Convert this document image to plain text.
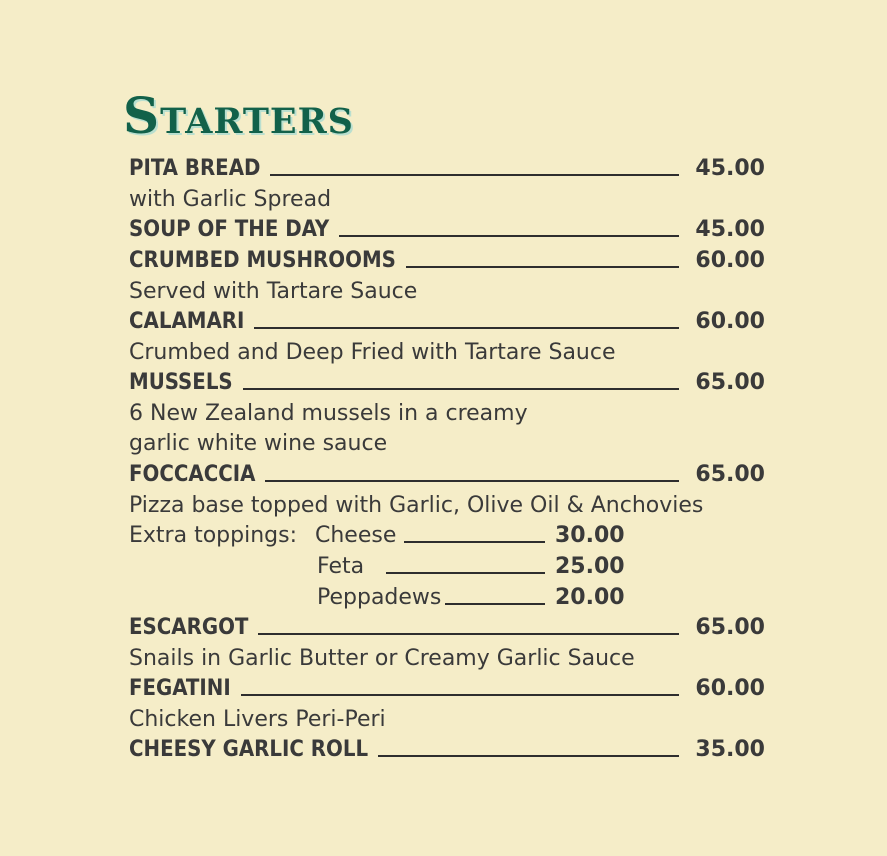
Starters
PITA BREAD	45.00
with Garlic Spread
SOUP OF THE DAY	45.00
CRUMBED MUSHROOMS	60.00
Served with Tartare Sauce
CALAMARI	60.00
Crumbed and Deep Fried with Tartare Sauce
MUSSELS	65.00
6 New Zealand mussels in a creamy
garlic white wine sauce
FOCCACCIA	65.00
Pizza base topped with Garlic, Olive Oil & Anchovies
Extra toppings: Cheese	30.00
Feta	25.00
Peppadews	20.00
ESCARGOT	65.00
Snails in Garlic Butter or Creamy Garlic Sauce
FEGATINI	60.00
Chicken Livers Peri-Peri
CHEESY GARLIC ROLL	35.00
